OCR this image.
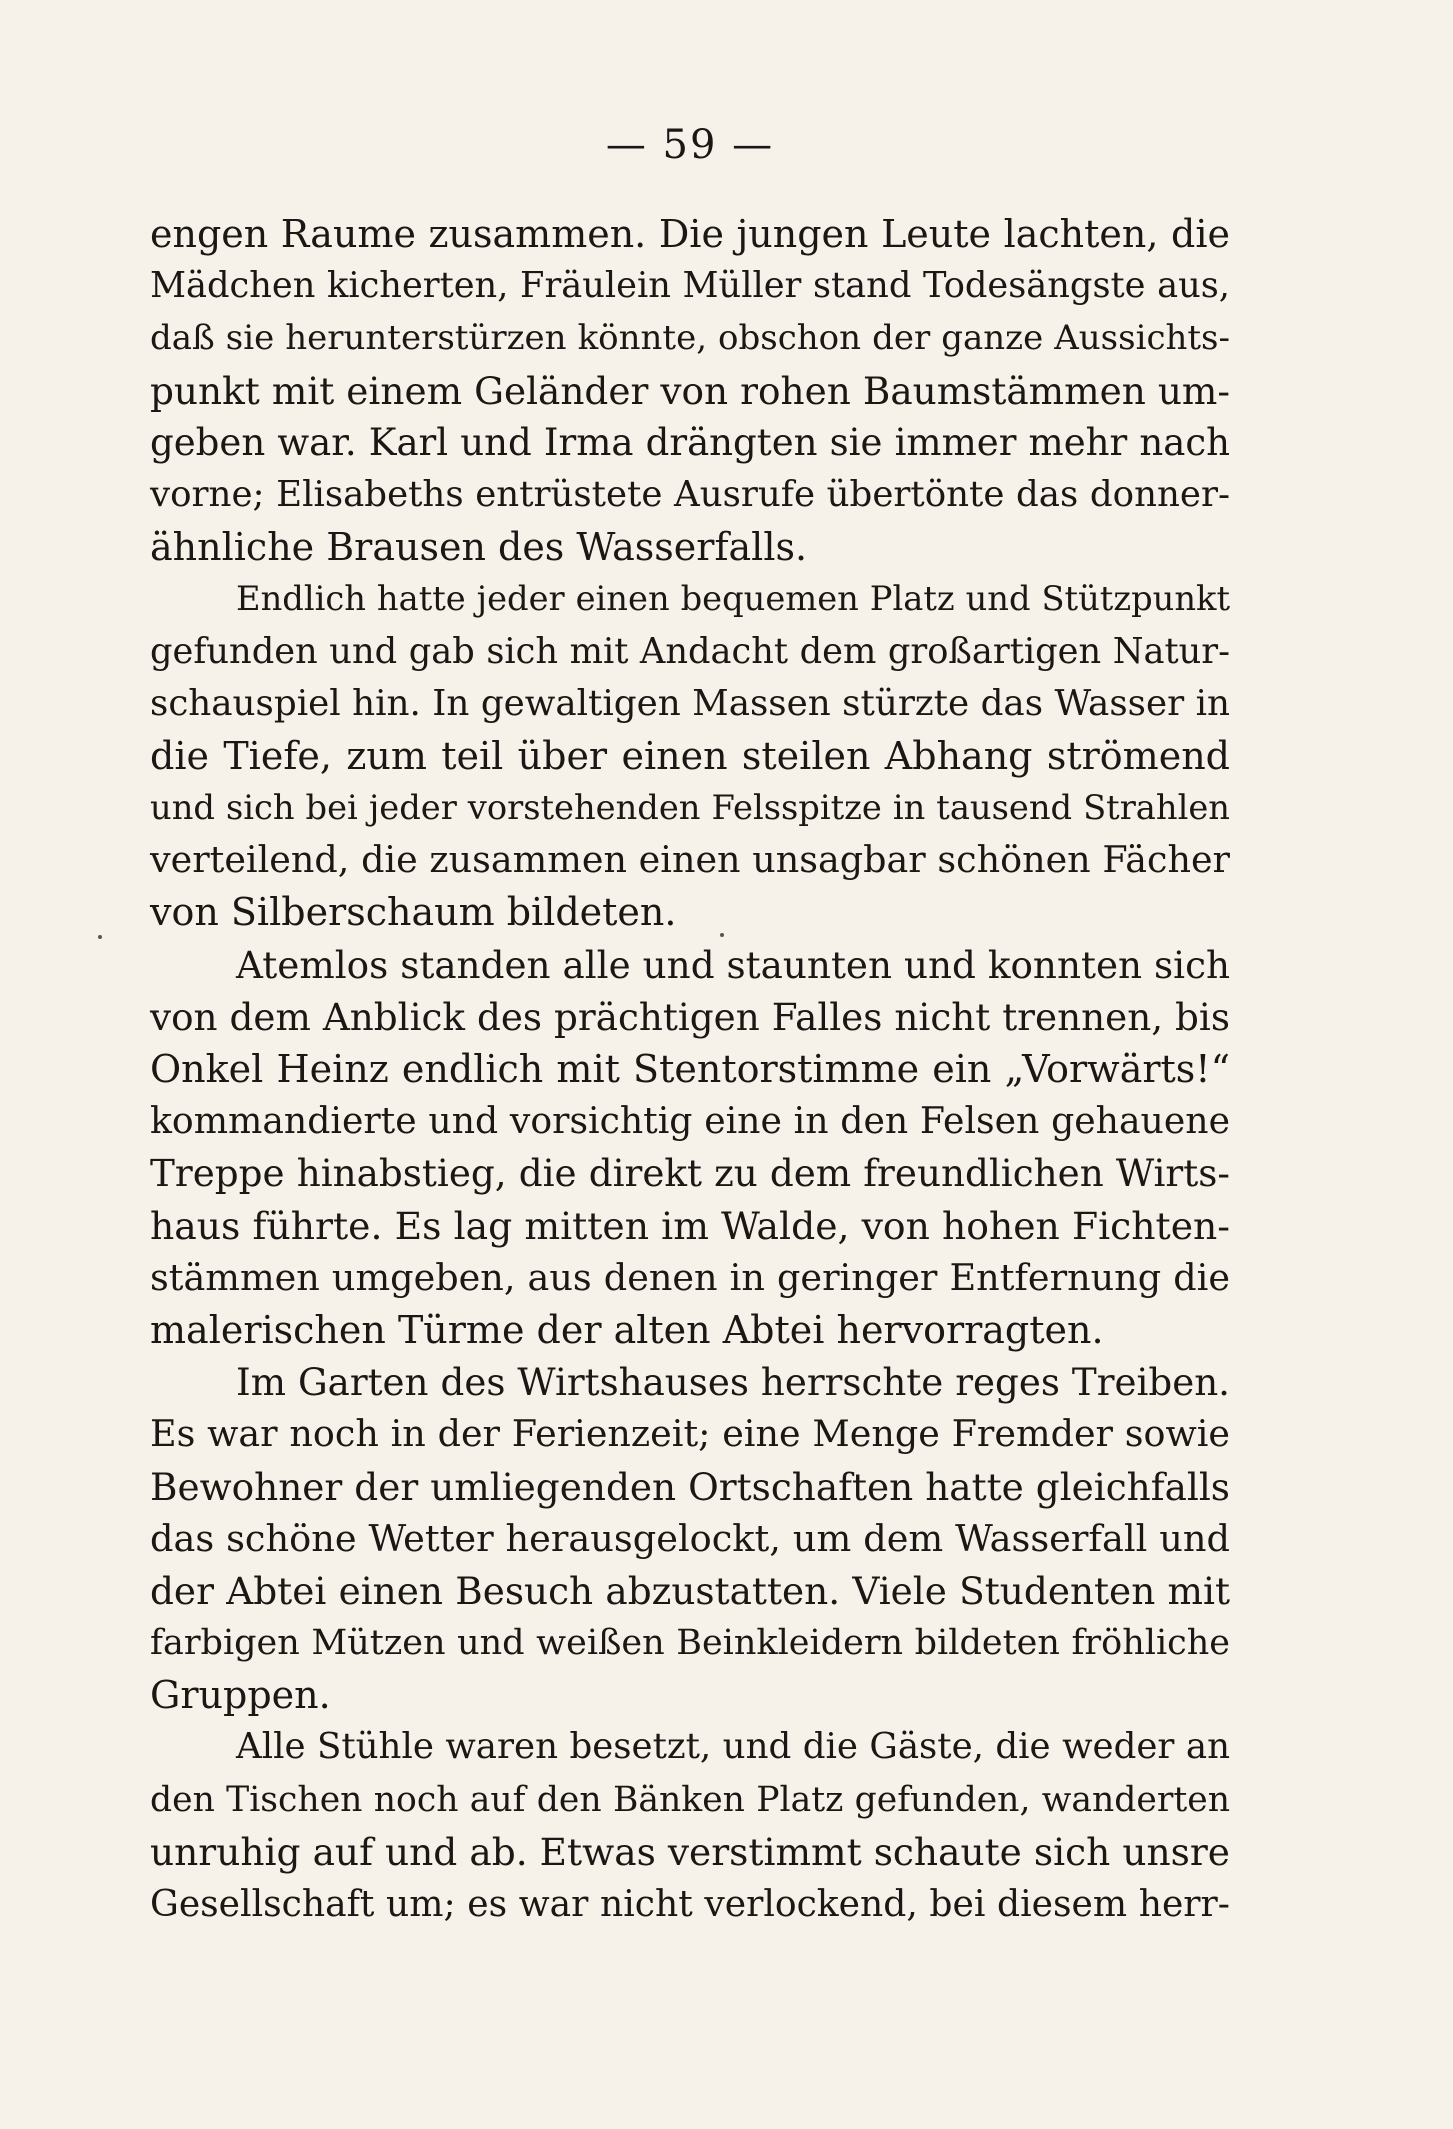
— 59 —
engen Raume zusammen. Die jungen Leute lachten, die
Mädchen kicherten, Fräulein Müller stand Todesängste aus,
daß sie herunterstürzen könnte, obschon der ganze Aussichts-
punkt mit einem Geländer von rohen Baumstämmen um-
geben war. Karl und Irma drängten sie immer mehr nach
vorne; Elisabeths entrüstete Ausrufe übertönte das donner-
ähnliche Brausen des Wasserfalls.
Endlich hatte jeder einen bequemen Platz und Stützpunkt
gefunden und gab sich mit Andacht dem großartigen Natur-
schauspiel hin. In gewaltigen Massen stürzte das Wasser in
die Tiefe, zum teil über einen steilen Abhang strömend
und sich bei jeder vorstehenden Felsspitze in tausend Strahlen
verteilend, die zusammen einen unsagbar schönen Fächer
von Silberschaum bildeten.
Atemlos standen alle und staunten und konnten sich
von dem Anblick des prächtigen Falles nicht trennen, bis
Onkel Heinz endlich mit Stentorstimme ein „Vorwärts!“
kommandierte und vorsichtig eine in den Felsen gehauene
Treppe hinabstieg, die direkt zu dem freundlichen Wirts-
haus führte. Es lag mitten im Walde, von hohen Fichten-
stämmen umgeben, aus denen in geringer Entfernung die
malerischen Türme der alten Abtei hervorragten.
Im Garten des Wirtshauses herrschte reges Treiben.
Es war noch in der Ferienzeit; eine Menge Fremder sowie
Bewohner der umliegenden Ortschaften hatte gleichfalls
das schöne Wetter herausgelockt, um dem Wasserfall und
der Abtei einen Besuch abzustatten. Viele Studenten mit
farbigen Mützen und weißen Beinkleidern bildeten fröhliche
Gruppen.
Alle Stühle waren besetzt, und die Gäste, die weder an
den Tischen noch auf den Bänken Platz gefunden, wanderten
unruhig auf und ab. Etwas verstimmt schaute sich unsre
Gesellschaft um; es war nicht verlockend, bei diesem herr-
